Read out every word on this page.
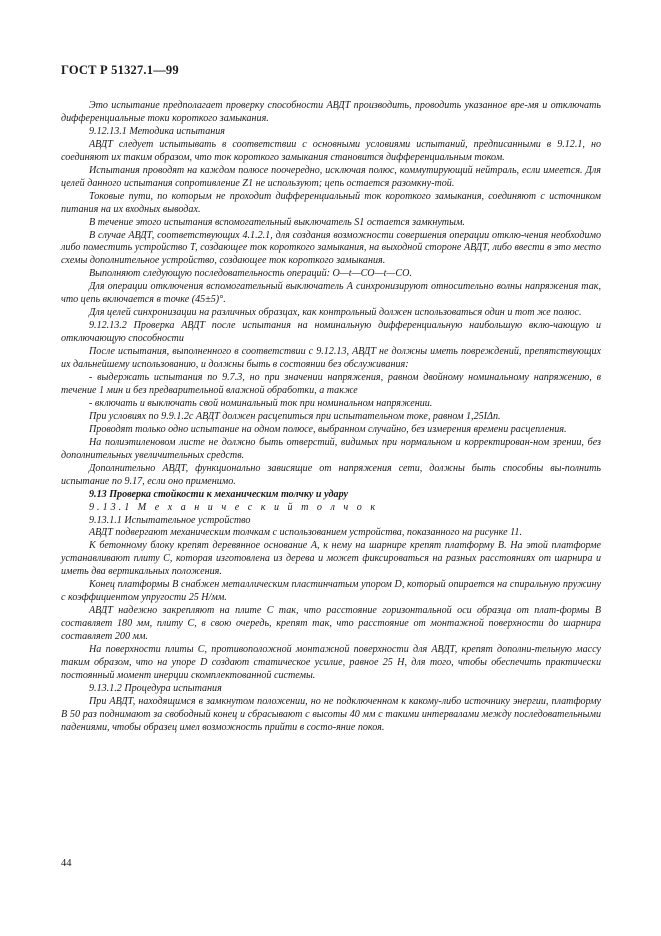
ГОСТ Р 51327.1—99

Это испытание предполагает проверку способности АВДТ производить, проводить указанное вре-мя и отключать дифференциальные токи короткого замыкания.

9.12.13.1 Методика испытания

АВДТ следует испытывать в соответствии с основными условиями испытаний, предписанными в 9.12.1, но соединяют их таким образом, что ток короткого замыкания становится дифференциальным током.

Испытания проводят на каждом полюсе поочередно, исключая полюс, коммутирующий нейтраль, если имеется. Для целей данного испытания сопротивление Z1 не используют; цепь остается разомкну-той.

Токовые пути, по которым не проходит дифференциальный ток короткого замыкания, соединяют с источником питания на их входных выводах.

В течение этого испытания вспомогательный выключатель S1 остается замкнутым.

В случае АВДТ, соответствующих 4.1.2.1, для создания возможности совершения операции отклю-чения необходимо либо поместить устройство Т, создающее ток короткого замыкания, на выходной стороне АВДТ, либо ввести в это место схемы дополнительное устройство, создающее ток короткого замыкания.

Выполняют следующую последовательность операций: О—t—СО—t—СО.

Для операции отключения вспомогательный выключатель А синхронизируют относительно волны напряжения так, что цепь включается в точке (45±5)°.

Для целей синхронизации на различных образцах, как контрольный должен использоваться один и тот же полюс.

9.12.13.2 Проверка АВДТ после испытания на номинальную дифференциальную наибольшую вклю-чающую и отключающую способности

После испытания, выполненного в соответствии с 9.12.13, АВДТ не должны иметь повреждений, препятствующих их дальнейшему использованию, и должны быть в состоянии без обслуживания:

- выдержать испытания по 9.7.3, но при значении напряжения, равном двойному номинальному напряжению, в течение 1 мин и без предварительной влажной обработки, а также

- включать и выключать свой номинальный ток при номинальном напряжении.

При условиях по 9.9.1.2с АВДТ должен расцепиться при испытательном токе, равном 1,25IΔn.

Проводят только одно испытание на одном полюсе, выбранном случайно, без измерения времени расцепления.

На полиэтиленовом листе не должно быть отверстий, видимых при нормальном и корректирован-ном зрении, без дополнительных увеличительных средств.

Дополнительно АВДТ, функционально зависящие от напряжения сети, должны быть способны вы-полнить испытание по 9.17, если оно применимо.

9.13 Проверка стойкости к механическим толчку и удару

9.13.1 М е х а н и ч е с к и й т о л ч о к

9.13.1.1 Испытательное устройство

АВДТ подвергают механическим толчкам с использованием устройства, показанного на рисунке 11.

К бетонному блоку крепят деревянное основание А, к нему на шарнире крепят платформу В. На этой платформе устанавливают плиту С, которая изготовлена из дерева и может фиксироваться на разных расстояниях от шарнира и иметь два вертикальных положения.

Конец платформы В снабжен металлическим пластинчатым упором D, который опирается на спиральную пружину с коэффициентом упругости 25 Н/мм.

АВДТ надежно закрепляют на плите С так, что расстояние горизонтальной оси образца от плат-формы В составляет 180 мм, плиту С, в свою очередь, крепят так, что расстояние от монтажной поверхности до шарнира составляет 200 мм.

На поверхности плиты С, противоположной монтажной поверхности для АВДТ, крепят дополни-тельную массу таким образом, что на упоре D создают статическое усилие, равное 25 Н, для того, чтобы обеспечить практически постоянный момент инерции скомплектованной системы.

9.13.1.2 Процедура испытания

При АВДТ, находящимся в замкнутом положении, но не подключенном к какому-либо источнику энергии, платформу В 50 раз поднимают за свободный конец и сбрасывают с высоты 40 мм с такими интервалами между последовательными падениями, чтобы образец имел возможность прийти в состо-яние покоя.

44
